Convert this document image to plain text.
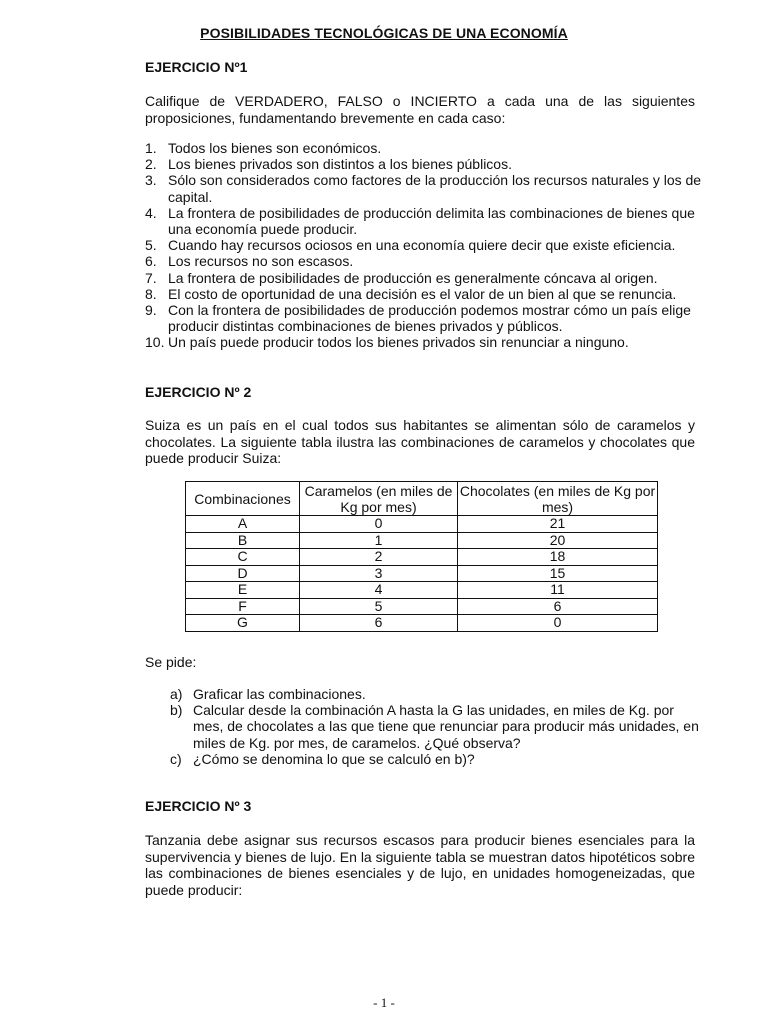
POSIBILIDADES TECNOLÓGICAS DE UNA ECONOMÍA
EJERCICIO Nº1
Califique de VERDADERO, FALSO o INCIERTO a cada una de las siguientes proposiciones, fundamentando brevemente en cada caso:
1. Todos los bienes son económicos.
2. Los bienes privados son distintos a los bienes públicos.
3. Sólo son considerados como factores de la producción los recursos naturales y los de capital.
4. La frontera de posibilidades de producción delimita las combinaciones de bienes que una economía puede producir.
5. Cuando hay recursos ociosos en una economía quiere decir que existe eficiencia.
6. Los recursos no son escasos.
7. La frontera de posibilidades de producción es generalmente cóncava al origen.
8. El costo de oportunidad de una decisión es el valor de un bien al que se renuncia.
9. Con la frontera de posibilidades de producción podemos mostrar cómo un país elige producir distintas combinaciones de bienes privados y públicos.
10. Un país puede producir todos los bienes privados sin renunciar a ninguno.
EJERCICIO Nº 2
Suiza es un país en el cual todos sus habitantes se alimentan sólo de caramelos y chocolates. La siguiente tabla ilustra las combinaciones de caramelos y chocolates que puede producir Suiza:
Combinaciones	Caramelos (en miles de Kg por mes)	Chocolates (en miles de Kg por mes)
A	0	21
B	1	20
C	2	18
D	3	15
E	4	11
F	5	6
G	6	0
Se pide:
a) Graficar las combinaciones.
b) Calcular desde la combinación A hasta la G las unidades, en miles de Kg. por mes, de chocolates a las que tiene que renunciar para producir más unidades, en miles de Kg. por mes, de caramelos. ¿Qué observa?
c) ¿Cómo se denomina lo que se calculó en b)?
EJERCICIO Nº 3
Tanzania debe asignar sus recursos escasos para producir bienes esenciales para la supervivencia y bienes de lujo. En la siguiente tabla se muestran datos hipotéticos sobre las combinaciones de bienes esenciales y de lujo, en unidades homogeneizadas, que puede producir:
- 1 -
